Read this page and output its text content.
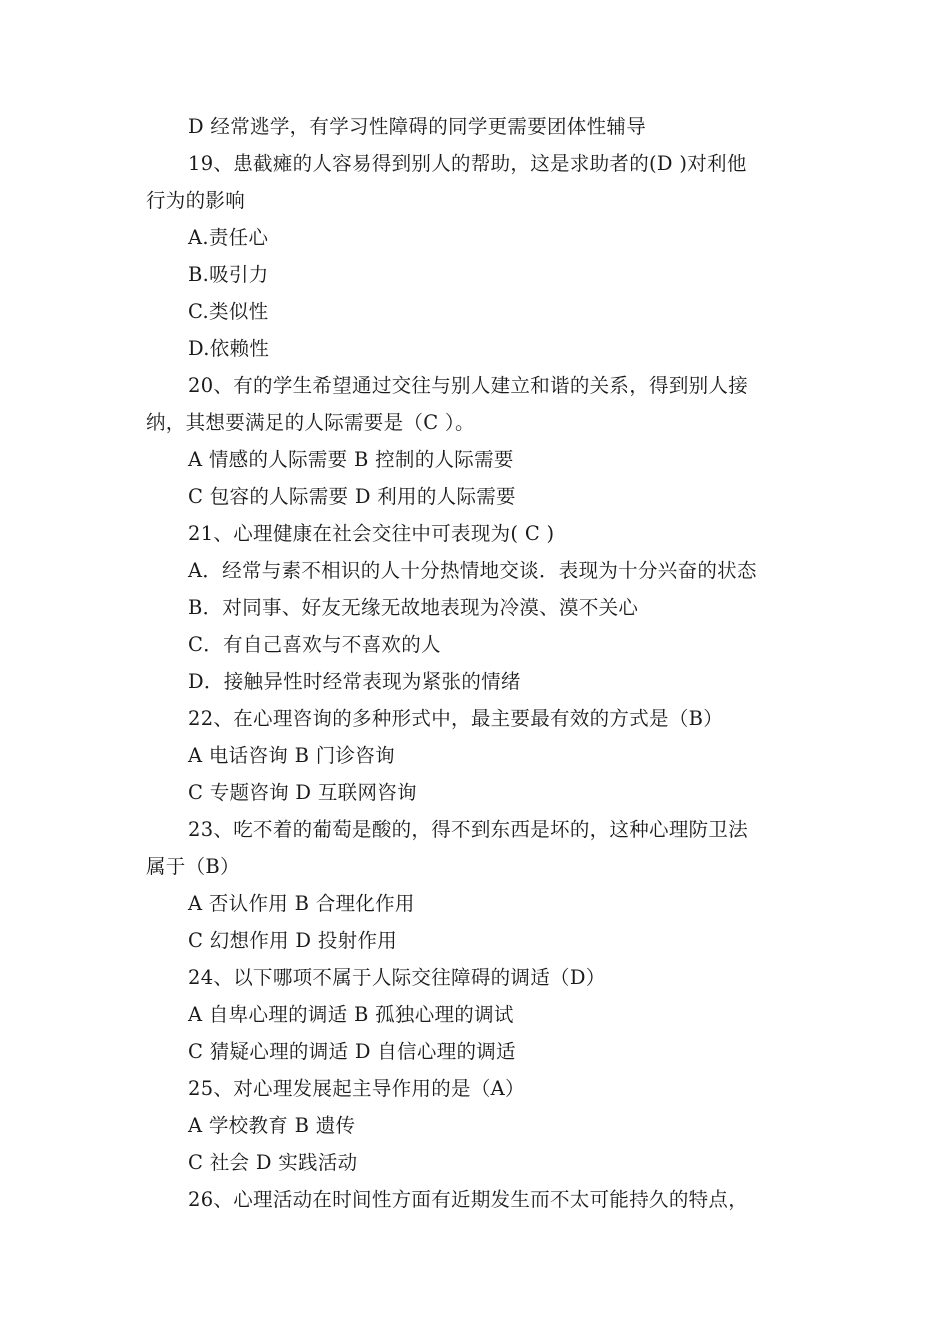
D 经常逃学，有学习性障碍的同学更需要团体性辅导
19、患截瘫的人容易得到别人的帮助，这是求助者的(D )对利他
行为的影响
A.责任心
B.吸引力
C.类似性
D.依赖性
20、有的学生希望通过交往与别人建立和谐的关系，得到别人接
纳，其想要满足的人际需要是（C ）。
A 情感的人际需要 B 控制的人际需要
C 包容的人际需要 D 利用的人际需要
21、心理健康在社会交往中可表现为( C )
A．经常与素不相识的人十分热情地交谈．表现为十分兴奋的状态
B．对同事、好友无缘无故地表现为冷漠、漠不关心
C．有自己喜欢与不喜欢的人
D．接触异性时经常表现为紧张的情绪
22、在心理咨询的多种形式中，最主要最有效的方式是（B）
A 电话咨询 B 门诊咨询
C 专题咨询 D 互联网咨询
23、吃不着的葡萄是酸的，得不到东西是坏的，这种心理防卫法
属于（B）
A 否认作用 B 合理化作用
C 幻想作用 D 投射作用
24、以下哪项不属于人际交往障碍的调适（D）
A 自卑心理的调适 B 孤独心理的调试
C 猜疑心理的调适 D 自信心理的调适
25、对心理发展起主导作用的是（A）
A 学校教育 B 遗传
C 社会 D 实践活动
26、心理活动在时间性方面有近期发生而不太可能持久的特点，
